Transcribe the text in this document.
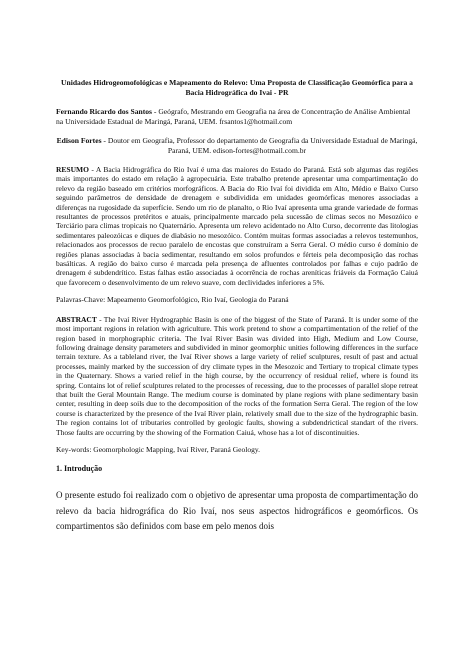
Unidades Hidrogeomofológicas e Mapeamento do Relevo: Uma Proposta de Classificação Geomórfica para a Bacia Hidrográfica do Ivai - PR
Fernando Ricardo dos Santos - Geógrafo, Mestrando em Geografia na área de Concentração de Análise Ambiental na Universidade Estadual de Maringá, Paraná, UEM. frsantos1@hotmail.com
Edison Fortes - Doutor em Geografia, Professor do departamento de Geografia da Universidade Estadual de Maringá, Paraná, UEM. edison-fortes@hotmail.com.br
RESUMO - A Bacia Hidrográfica do Rio Ivaí é uma das maiores do Estado do Paraná. Está sob algumas das regiões mais importantes do estado em relação à agropecuária. Este trabalho pretende apresentar uma compartimentação do relevo da região baseado em critérios morfográficos. A Bacia do Rio Ivaí foi dividida em Alto, Médio e Baixo Curso seguindo parâmetros de densidade de drenagem e subdividida em unidades geomórficas menores associadas a diferenças na rugosidade da superfície. Sendo um rio de planalto, o Rio Ivaí apresenta uma grande variedade de formas resultantes de processos pretéritos e atuais, principalmente marcado pela sucessão de climas secos no Mesozóico e Terciário para climas tropicais no Quaternário. Apresenta um relevo acidentado no Alto Curso, decorrente das litologias sedimentares paleozóicas e diques de diabásio no mesozóico. Contém muitas formas associadas a relevos testemunhos, relacionados aos processos de recuo paralelo de encostas que construíram a Serra Geral. O médio curso é domínio de regiões planas associadas à bacia sedimentar, resultando em solos profundos e férteis pela decomposição das rochas basálticas. A região do baixo curso é marcada pela presença de afluentes controlados por falhas e cujo padrão de drenagem é subdendrítico. Estas falhas estão associadas à ocorrência de rochas areníticas friáveis da Formação Caiuá que favorecem o desenvolvimento de um relevo suave, com declividades inferiores a 5%.
Palavras-Chave: Mapeamento Geomorfológico, Rio Ivaí, Geologia do Paraná
ABSTRACT - The Ivaí River Hydrographic Basin is one of the biggest of the State of Paraná. It is under some of the most important regions in relation with agriculture. This work pretend to show a compartimentation of the relief of the region based in morphographic criteria. The Ivaí River Basin was divided into High, Medium and Low Course, following drainage density parameters and subdivided in minor geomorphic unities following differences in the surface terrain texture. As a tableland river, the Ivaí River shows a large variety of relief sculptures, result of past and actual processes, mainly marked by the succession of dry climate types in the Mesozoic and Tertiary to tropical climate types in the Quaternary. Shows a varied relief in the high course, by the occurrency of residual relief, where is found its spring. Contains lot of relief sculptures related to the processes of recessing, due to the processes of parallel slope retreat that built the Geral Mountain Range. The medium course is dominated by plane regions with plane sedimentary basin center, resulting in deep soils due to the decomposition of the rocks of the formation Serra Geral. The region of the low course is characterized by the presence of the Ivaí River plain, relatively small due to the size of the hydrographic basin. The region contains lot of tributaries controlled by geologic faults, showing a subdendrictical standart of the rivers. Those faults are occurring by the showing of the Formation Caiuá, whose has a lot of discontinuities.
Key-words: Geomorphologic Mapping, Ivaí River, Paraná Geology.
1. Introdução

O presente estudo foi realizado com o objetivo de apresentar uma proposta de compartimentação do relevo da bacia hidrográfica do Rio Ivaí, nos seus aspectos hidrográficos e geomórficos. Os compartimentos são definidos com base em pelo menos dois
